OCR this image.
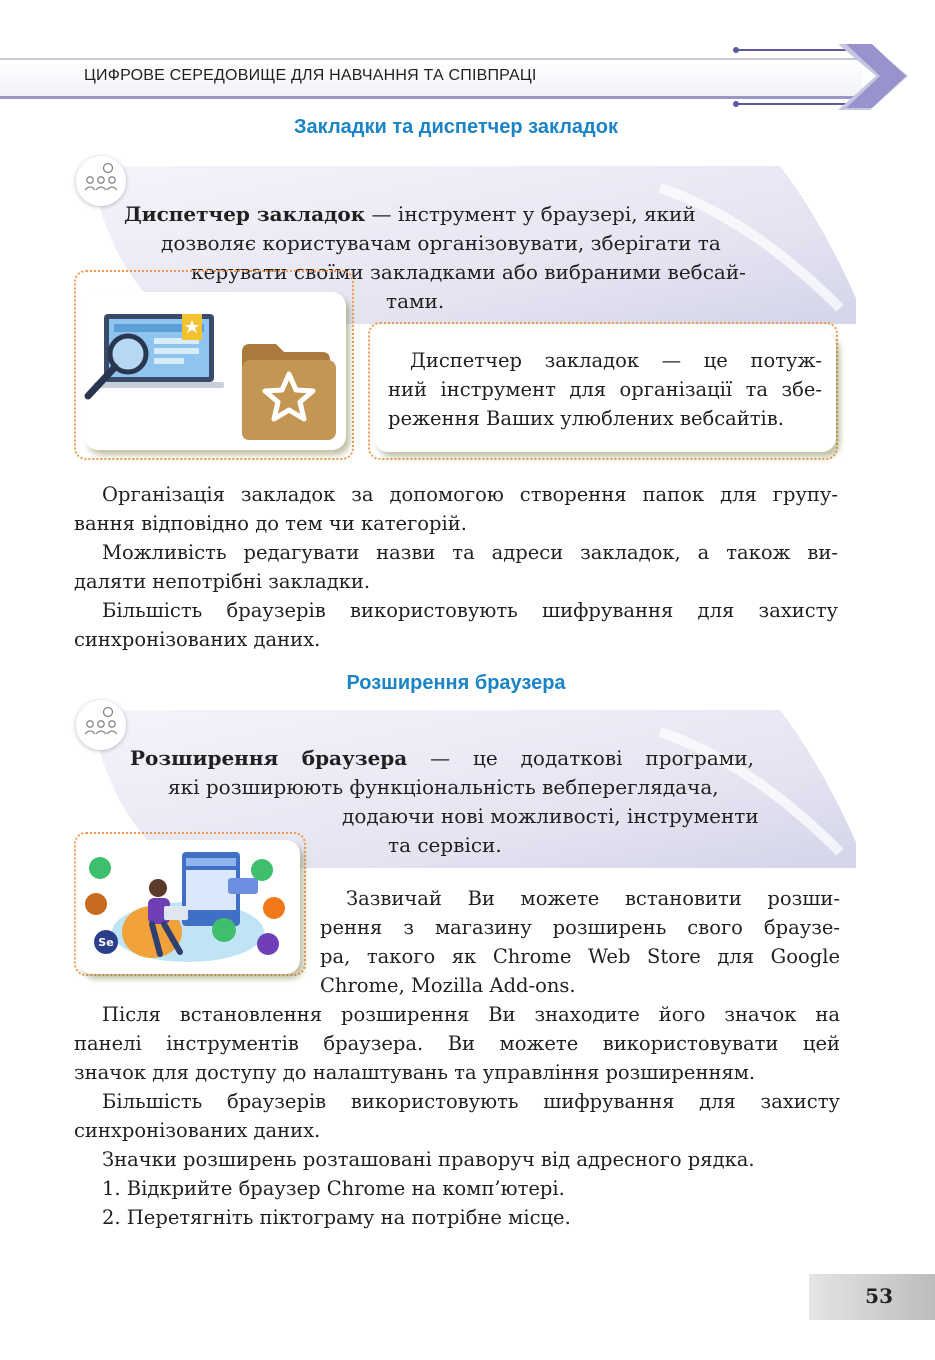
ЦИФРОВЕ СЕРЕДОВИЩЕ ДЛЯ НАВЧАННЯ ТА СПІВПРАЦІ
Закладки та диспетчер закладок
Диспетчер закладок — інструмент у браузері, який
дозволяє користувачам організовувати, зберігати та
керувати своїми закладками або вибраними вебсай-
тами.
Диспетчер закладок — це потуж-
ний інструмент для організації та збе-
реження Ваших улюблених вебсайтів.
Організація закладок за допомогою створення папок для групу-
вання відповідно до тем чи категорій.
Можливість редагувати назви та адреси закладок, а також ви-
даляти непотрібні закладки.
Більшість браузерів використовують шифрування для захисту
синхронізованих даних.
Розширення браузера
Розширення браузера — це додаткові програми,
які розширюють функціональність вебпереглядача,
додаючи нові можливості, інструменти
та сервіси.
Se
Зазвичай Ви можете встановити розши-
рення з магазину розширень свого браузе-
ра, такого як Chrome Web Store для Google
Chrome, Mozilla Add-ons.
Після встановлення розширення Ви знаходите його значок на
панелі інструментів браузера. Ви можете використовувати цей
значок для доступу до налаштувань та управління розширенням.
Більшість браузерів використовують шифрування для захисту
синхронізованих даних.
Значки розширень розташовані праворуч від адресного рядка.
1. Відкрийте браузер Chrome на комп’ютері.
2. Перетягніть піктограму на потрібне місце.
53
